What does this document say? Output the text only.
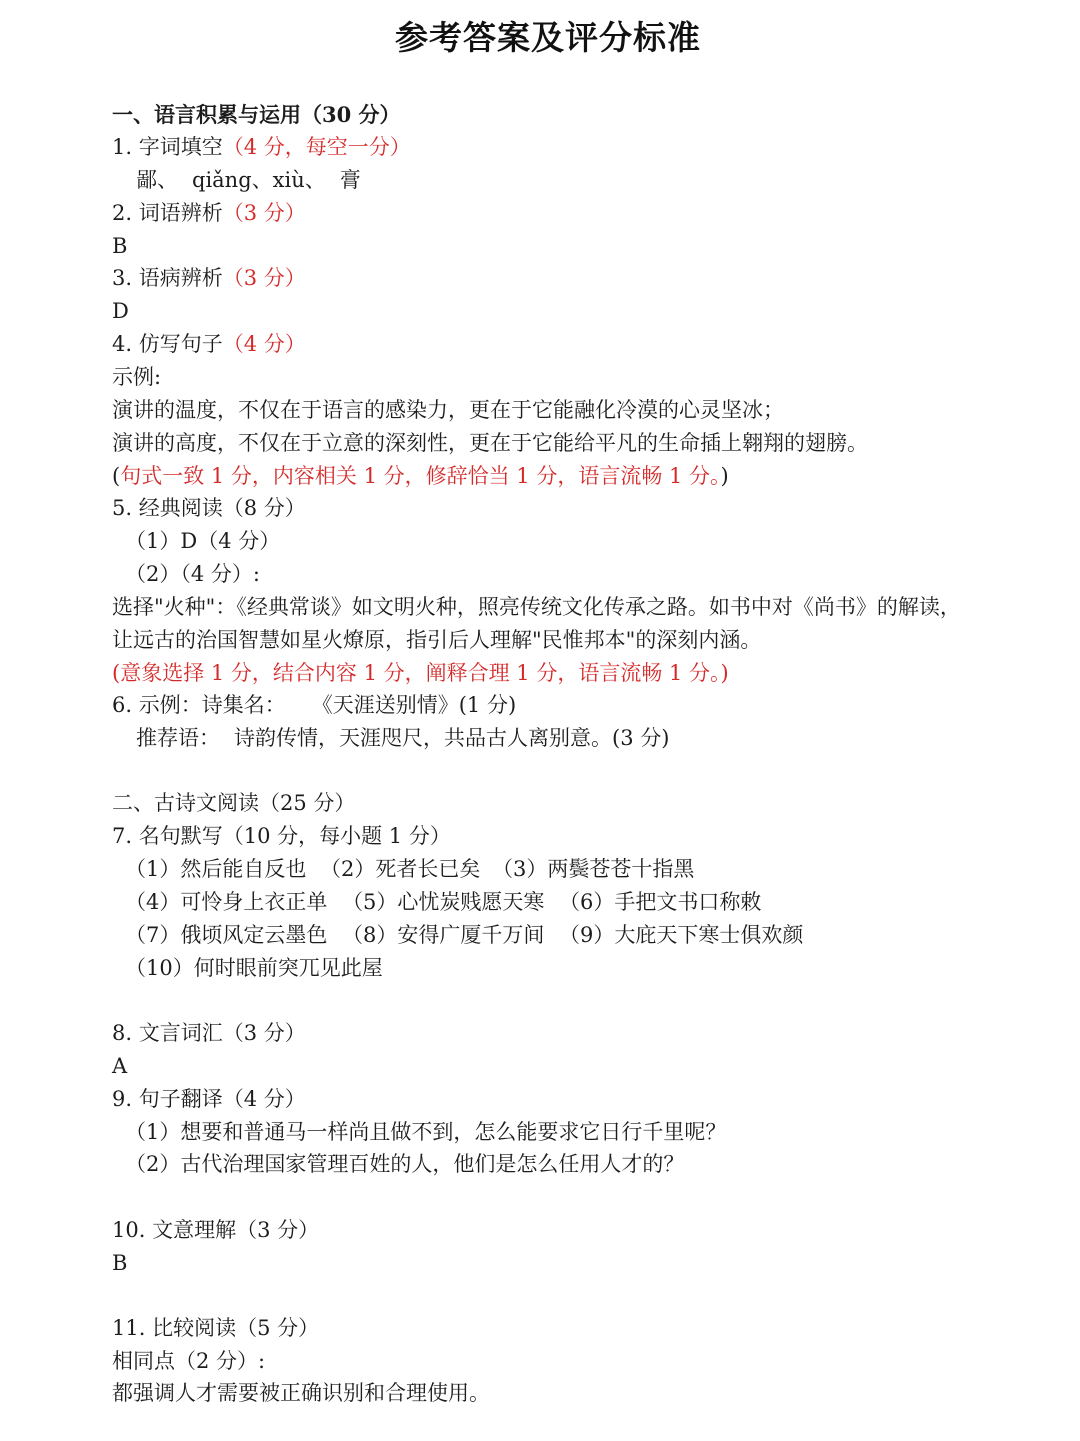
参考答案及评分标准
一、语言积累与运用（30 分）
1. 字词填空（4 分，每空一分）
鄙、 qiǎng、xiù、 膏
2. 词语辨析（3 分）
B
3. 语病辨析（3 分）
D
4. 仿写句子（4 分）
示例:
演讲的温度，不仅在于语言的感染力，更在于它能融化冷漠的心灵坚冰；
演讲的高度，不仅在于立意的深刻性，更在于它能给平凡的生命插上翱翔的翅膀。
(句式一致 1 分，内容相关 1 分，修辞恰当 1 分，语言流畅 1 分。)
5. 经典阅读（8 分）
（1）D（4 分）
（2）（4 分）:
选择"火种"：《经典常谈》如文明火种，照亮传统文化传承之路。如书中对《尚书》的解读，
让远古的治国智慧如星火燎原，指引后人理解"民惟邦本"的深刻内涵。
(意象选择 1 分，结合内容 1 分，阐释合理 1 分，语言流畅 1 分。)
6. 示例：诗集名： 《天涯送别情》(1 分)
推荐语： 诗韵传情，天涯咫尺，共品古人离别意。(3 分)
二、古诗文阅读（25 分）
7. 名句默写（10 分，每小题 1 分）
（1）然后能自反也 （2）死者长已矣 （3）两鬓苍苍十指黑
（4）可怜身上衣正单 （5）心忧炭贱愿天寒 （6）手把文书口称敕
（7）俄顷风定云墨色 （8）安得广厦千万间 （9）大庇天下寒士俱欢颜
（10）何时眼前突兀见此屋
8. 文言词汇（3 分）
A
9. 句子翻译（4 分）
（1）想要和普通马一样尚且做不到，怎么能要求它日行千里呢？
（2）古代治理国家管理百姓的人，他们是怎么任用人才的？
10. 文意理解（3 分）
B
11. 比较阅读（5 分）
相同点（2 分）:
都强调人才需要被正确识别和合理使用。
